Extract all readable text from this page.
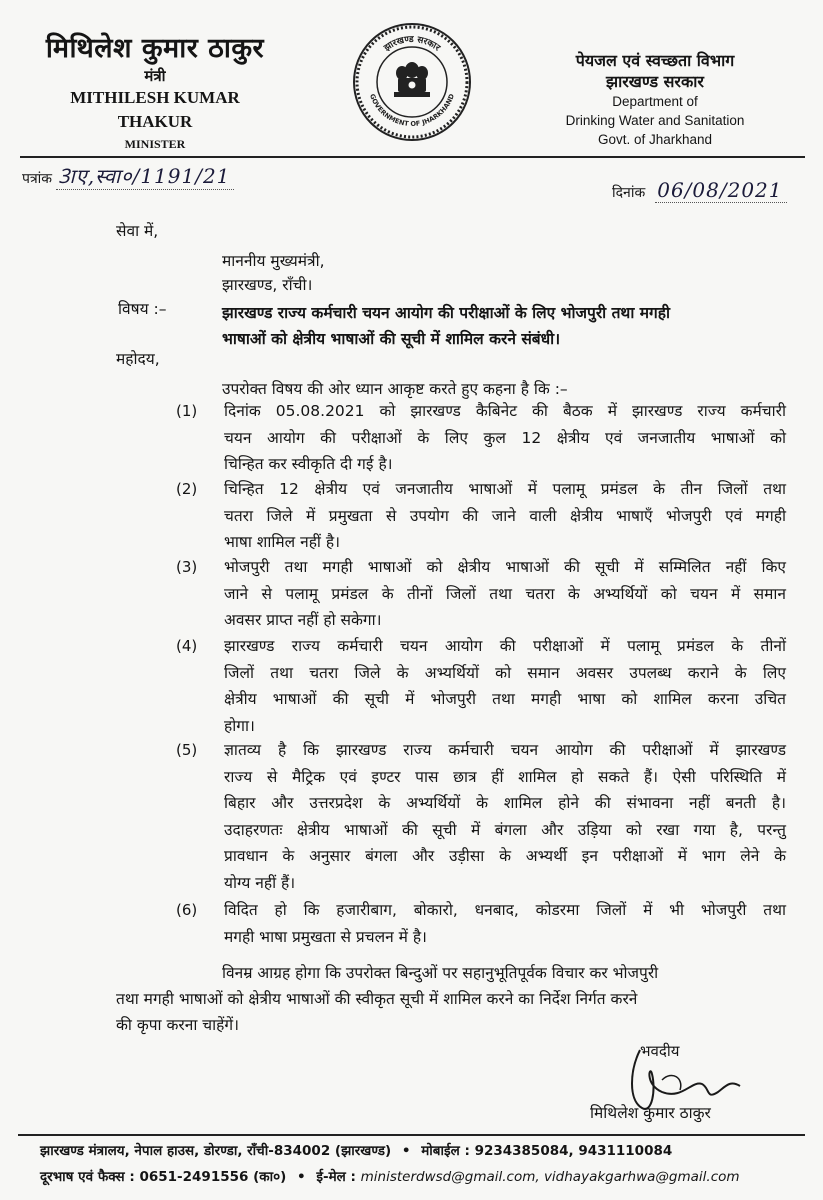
मिथिलेश कुमार ठाकुर
मंत्री
MITHILESH KUMAR THAKUR
MINISTER
झारखण्ड सरकार
GOVERNMENT OF JHARKHAND
पेयजल एवं स्वच्छता विभाग
झारखण्ड सरकार
Department of
Drinking Water and Sanitation
Govt. of Jharkhand
पत्रांक 3ाए,स्वा०/1191/21
दिनांक 06/08/2021
सेवा में,
माननीय मुख्यमंत्री,
झारखण्ड, राँची।
विषय :–	झारखण्ड राज्य कर्मचारी चयन आयोग की परीक्षाओं के लिए भोजपुरी तथा मगही
भाषाओं को क्षेत्रीय भाषाओं की सूची में शामिल करने संबंधी।
महोदय,
उपरोक्त विषय की ओर ध्यान आकृष्ट करते हुए कहना है कि :–
(1) दिनांक 05.08.2021 को झारखण्ड कैबिनेट की बैठक में झारखण्ड राज्य कर्मचारी
चयन आयोग की परीक्षाओं के लिए कुल 12 क्षेत्रीय एवं जनजातीय भाषाओं को
चिन्हित कर स्वीकृति दी गई है।
(2) चिन्हित 12 क्षेत्रीय एवं जनजातीय भाषाओं में पलामू प्रमंडल के तीन जिलों तथा
चतरा जिले में प्रमुखता से उपयोग की जाने वाली क्षेत्रीय भाषाएँ भोजपुरी एवं मगही
भाषा शामिल नहीं है।
(3) भोजपुरी तथा मगही भाषाओं को क्षेत्रीय भाषाओं की सूची में सम्मिलित नहीं किए
जाने से पलामू प्रमंडल के तीनों जिलों तथा चतरा के अभ्यर्थियों को चयन में समान
अवसर प्राप्त नहीं हो सकेगा।
(4) झारखण्ड राज्य कर्मचारी चयन आयोग की परीक्षाओं में पलामू प्रमंडल के तीनों
जिलों तथा चतरा जिले के अभ्यर्थियों को समान अवसर उपलब्ध कराने के लिए
क्षेत्रीय भाषाओं की सूची में भोजपुरी तथा मगही भाषा को शामिल करना उचित
होगा।
(5) ज्ञातव्य है कि झारखण्ड राज्य कर्मचारी चयन आयोग की परीक्षाओं में झारखण्ड
राज्य से मैट्रिक एवं इण्टर पास छात्र हीं शामिल हो सकते हैं। ऐसी परिस्थिति में
बिहार और उत्तरप्रदेश के अभ्यर्थियों के शामिल होने की संभावना नहीं बनती है।
उदाहरणतः क्षेत्रीय भाषाओं की सूची में बंगला और उड़िया को रखा गया है, परन्तु
प्रावधान के अनुसार बंगला और उड़ीसा के अभ्यर्थी इन परीक्षाओं में भाग लेने के
योग्य नहीं हैं।
(6) विदित हो कि हजारीबाग, बोकारो, धनबाद, कोडरमा जिलों में भी भोजपुरी तथा
मगही भाषा प्रमुखता से प्रचलन में है।
विनम्र आग्रह होगा कि उपरोक्त बिन्दुओं पर सहानुभूतिपूर्वक विचार कर भोजपुरी
तथा मगही भाषाओं को क्षेत्रीय भाषाओं की स्वीकृत सूची में शामिल करने का निर्देश निर्गत करने
की कृपा करना चाहेंगें।
भवदीय
मिथिलेश कुमार ठाकुर
झारखण्ड मंत्रालय, नेपाल हाउस, डोरण्डा, राँची-834002 (झारखण्ड) • मोबाईल : 9234385084, 9431110084
दूरभाष एवं फैक्स : 0651-2491556 (का०) • ई-मेल : ministerdwsd@gmail.com, vidhayakgarhwa@gmail.com
